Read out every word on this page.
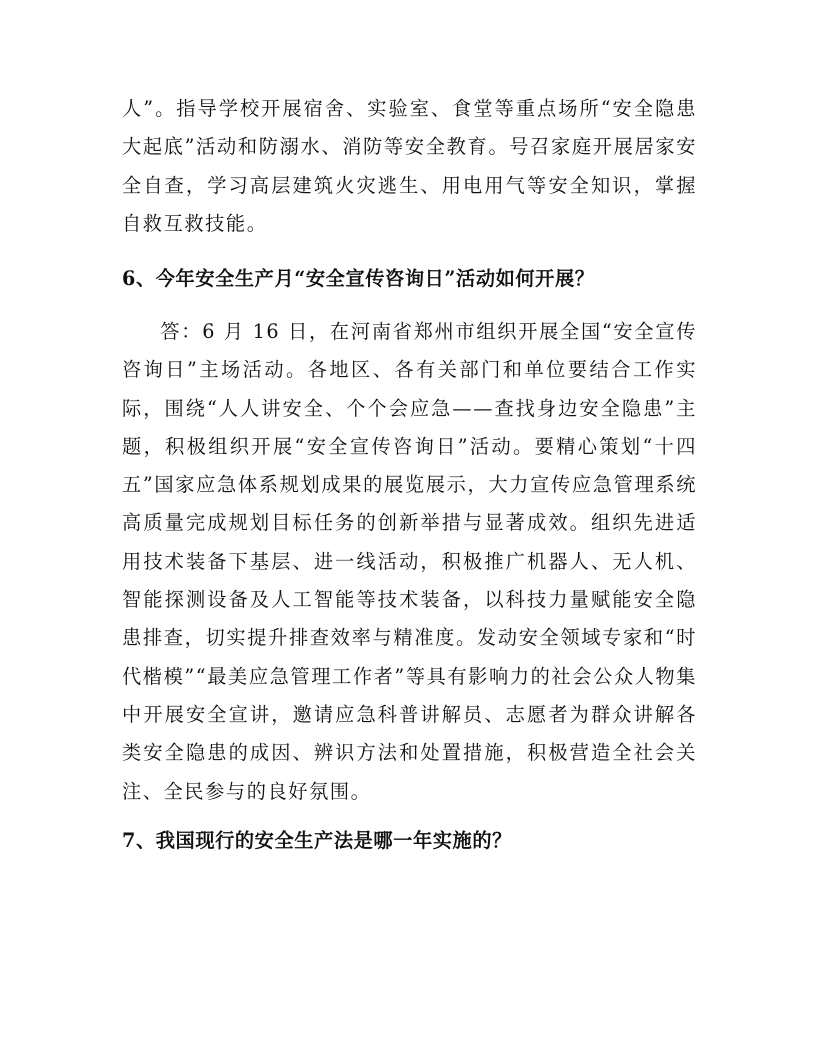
人”。指导学校开展宿舍、实验室、食堂等重点场所“安全隐患大起底”活动和防溺水、消防等安全教育。号召家庭开展居家安全自查，学习高层建筑火灾逃生、用电用气等安全知识，掌握自救互救技能。

6、今年安全生产月“安全宣传咨询日”活动如何开展？

答：6 月 16 日，在河南省郑州市组织开展全国“安全宣传咨询日”主场活动。各地区、各有关部门和单位要结合工作实际，围绕“人人讲安全、个个会应急——查找身边安全隐患”主题，积极组织开展“安全宣传咨询日”活动。要精心策划“十四五”国家应急体系规划成果的展览展示，大力宣传应急管理系统高质量完成规划目标任务的创新举措与显著成效。组织先进适用技术装备下基层、进一线活动，积极推广机器人、无人机、智能探测设备及人工智能等技术装备，以科技力量赋能安全隐患排查，切实提升排查效率与精准度。发动安全领域专家和“时代楷模”“最美应急管理工作者”等具有影响力的社会公众人物集中开展安全宣讲，邀请应急科普讲解员、志愿者为群众讲解各类安全隐患的成因、辨识方法和处置措施，积极营造全社会关注、全民参与的良好氛围。

7、我国现行的安全生产法是哪一年实施的？
